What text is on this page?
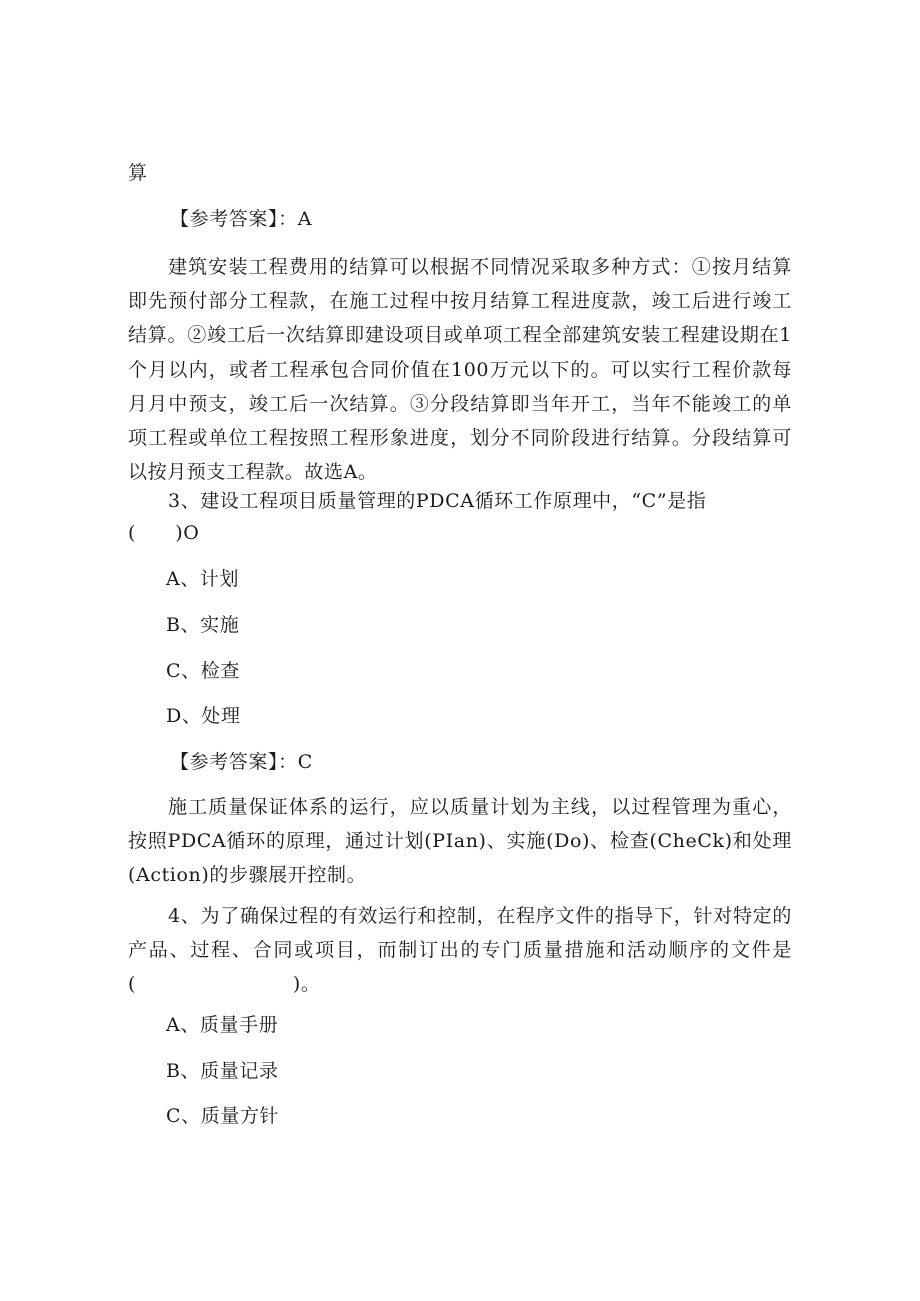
算
【参考答案】：A
建筑安装工程费用的结算可以根据不同情况采取多种方式：①按月结算即先预付部分工程款，在施工过程中按月结算工程进度款，竣工后进行竣工结算。②竣工后一次结算即建设项目或单项工程全部建筑安装工程建设期在1个月以内，或者工程承包合同价值在100万元以下的。可以实行工程价款每月月中预支，竣工后一次结算。③分段结算即当年开工，当年不能竣工的单项工程或单位工程按照工程形象进度，划分不同阶段进行结算。分段结算可以按月预支工程款。故选A。
3、建设工程项目质量管理的PDCA循环工作原理中，“C”是指
(　　)O
A、计划
B、实施
C、检查
D、处理
【参考答案】：C
施工质量保证体系的运行，应以质量计划为主线，以过程管理为重心，按照PDCA循环的原理，通过计划(PIan)、实施(Do)、检查(CheCk)和处理(Action)的步骤展开控制。
4、为了确保过程的有效运行和控制，在程序文件的指导下，针对特定的产品、过程、合同或项目，而制订出的专门质量措施和活动顺序的文件是(　　　　　　　　)。
A、质量手册
B、质量记录
C、质量方针
